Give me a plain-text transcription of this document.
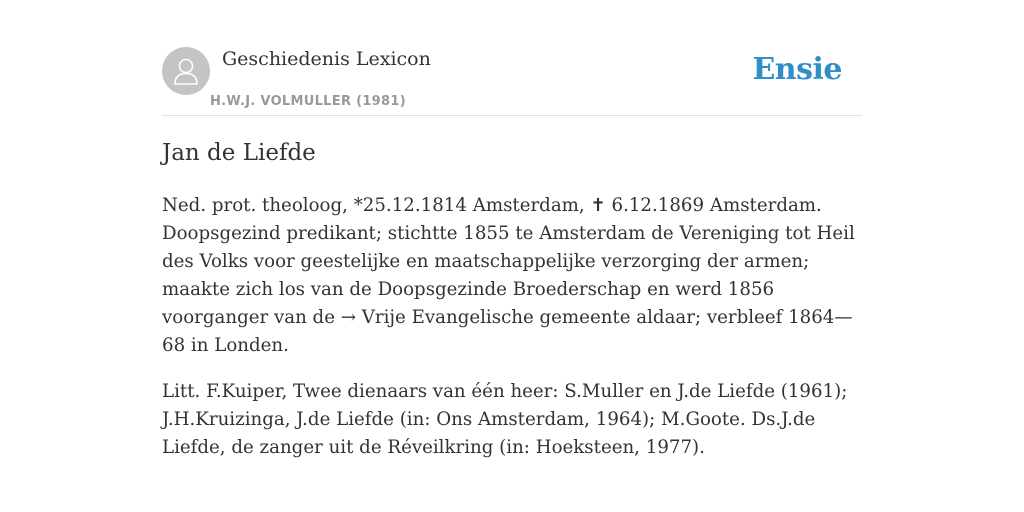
Geschiedenis Lexicon
H.W.J. VOLMULLER (1981)
Ensie
Jan de Liefde

Ned. prot. theoloog, *25.12.1814 Amsterdam, ✝ 6.12.1869 Amsterdam. Doopsgezind predikant; stichtte 1855 te Amsterdam de Vereniging tot Heil des Volks voor geestelijke en maatschappelijke verzorging der armen; maakte zich los van de Doopsgezinde Broederschap en werd 1856 voorganger van de → Vrije Evangelische gemeente aldaar; verbleef 1864—68 in Londen.

Litt. F.Kuiper, Twee dienaars van één heer: S.Muller en J.de Liefde (1961); J.H.Kruizinga, J.de Liefde (in: Ons Amsterdam, 1964); M.Goote. Ds.J.de Liefde, de zanger uit de Réveilkring (in: Hoeksteen, 1977).
